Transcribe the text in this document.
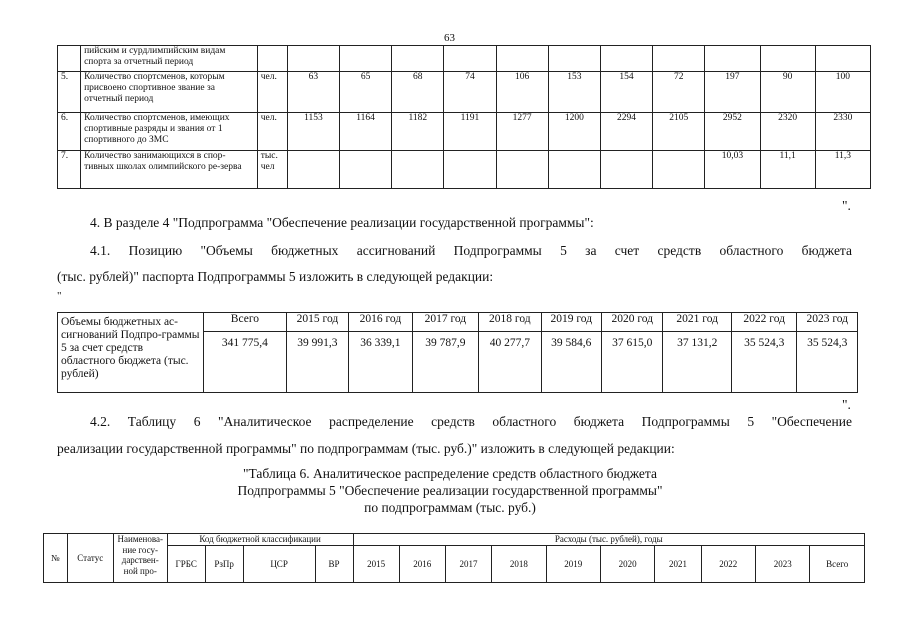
63
	пийским и сурдлимпийским видам спорта за отчетный период												
5.	Количество спортсменов, которым присвоено спортивное звание за отчетный период	чел.	63	65	68	74	106	153	154	72	197	90	100
6.	Количество спортсменов, имеющих спортивные разряды и звания от 1 спортивного до ЗМС	чел.	1153	1164	1182	1191	1277	1200	2294	2105	2952	2320	2330
7.	Количество занимающихся в спор-тивных школах олимпийского ре-зерва	тыс. чел									10,03	11,1	11,3
".
4. В разделе 4 "Подпрограмма "Обеспечение реализации государственной программы":
4.1. Позицию "Объемы бюджетных ассигнований Подпрограммы 5 за счет средств областного бюджета
(тыс. рублей)" паспорта Подпрограммы 5 изложить в следующей редакции:
"
Объемы бюджетных ас-сигнований Подпро-граммы 5 за счет средств областного бюджета (тыс. рублей)	Всего	2015 год	2016 год	2017 год	2018 год	2019 год	2020 год	2021 год	2022 год	2023 год
	341 775,4	39 991,3	36 339,1	39 787,9	40 277,7	39 584,6	37 615,0	37 131,2	35 524,3	35 524,3
".
4.2. Таблицу 6 "Аналитическое распределение средств областного бюджета Подпрограммы 5 "Обеспечение
реализации государственной программы" по подпрограммам (тыс. руб.)" изложить в следующей редакции:
"Таблица 6. Аналитическое распределение средств областного бюджета
Подпрограммы 5 "Обеспечение реализации государственной программы"
по подпрограммам (тыс. руб.)
№	Статус	Наименова-ние госу-дарствен-ной про-	Код бюджетной классификации				Расходы (тыс. рублей), годы									
			ГРБС	РзПр	ЦСР	ВР	2015	2016	2017	2018	2019	2020	2021	2022	2023	Всего
